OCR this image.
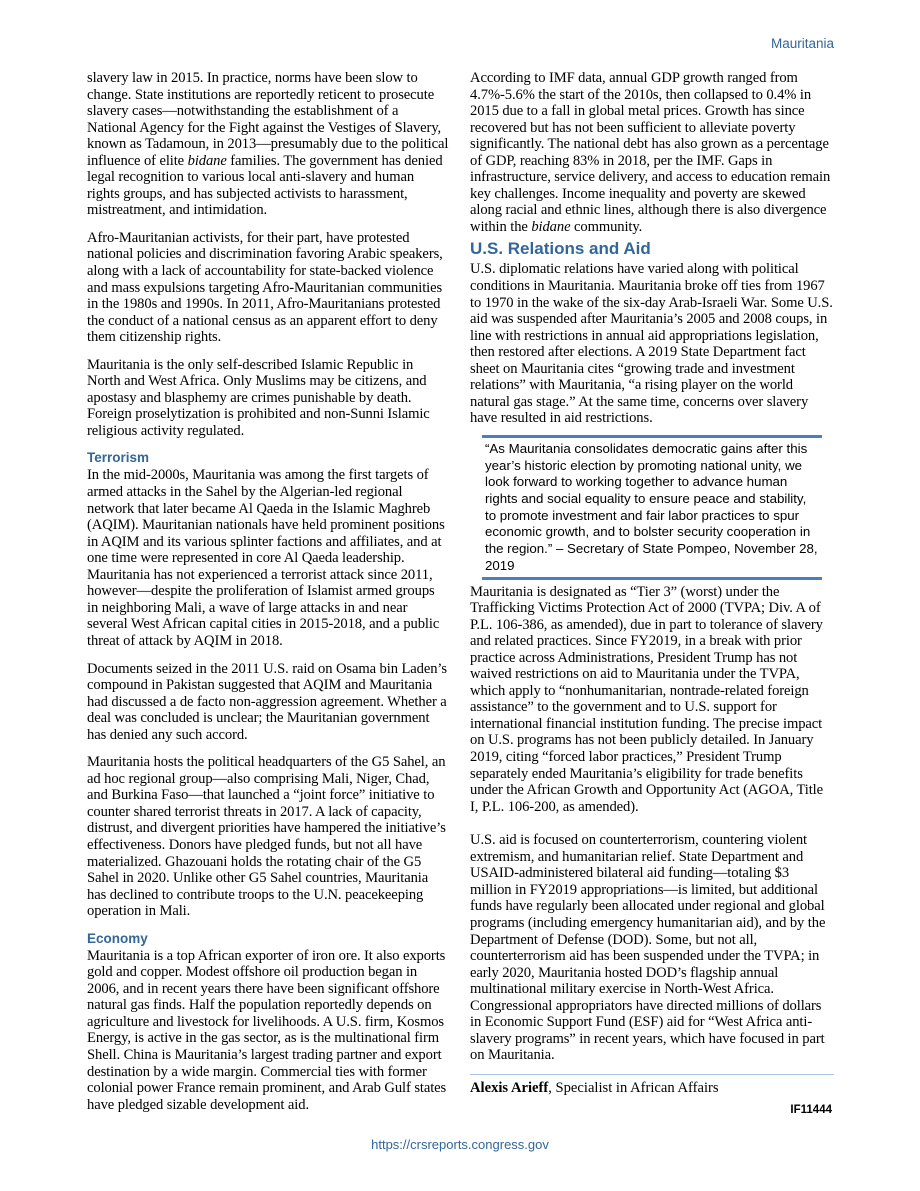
Mauritania

slavery law in 2015. In practice, norms have been slow to change. State institutions are reportedly reticent to prosecute slavery cases—notwithstanding the establishment of a National Agency for the Fight against the Vestiges of Slavery, known as Tadamoun, in 2013—presumably due to the political influence of elite bidane families. The government has denied legal recognition to various local anti-slavery and human rights groups, and has subjected activists to harassment, mistreatment, and intimidation.

Afro-Mauritanian activists, for their part, have protested national policies and discrimination favoring Arabic speakers, along with a lack of accountability for state-backed violence and mass expulsions targeting Afro-Mauritanian communities in the 1980s and 1990s. In 2011, Afro-Mauritanians protested the conduct of a national census as an apparent effort to deny them citizenship rights.

Mauritania is the only self-described Islamic Republic in North and West Africa. Only Muslims may be citizens, and apostasy and blasphemy are crimes punishable by death. Foreign proselytization is prohibited and non-Sunni Islamic religious activity regulated.

Terrorism

In the mid-2000s, Mauritania was among the first targets of armed attacks in the Sahel by the Algerian-led regional network that later became Al Qaeda in the Islamic Maghreb (AQIM). Mauritanian nationals have held prominent positions in AQIM and its various splinter factions and affiliates, and at one time were represented in core Al Qaeda leadership. Mauritania has not experienced a terrorist attack since 2011, however—despite the proliferation of Islamist armed groups in neighboring Mali, a wave of large attacks in and near several West African capital cities in 2015-2018, and a public threat of attack by AQIM in 2018.

Documents seized in the 2011 U.S. raid on Osama bin Laden’s compound in Pakistan suggested that AQIM and Mauritania had discussed a de facto non-aggression agreement. Whether a deal was concluded is unclear; the Mauritanian government has denied any such accord.

Mauritania hosts the political headquarters of the G5 Sahel, an ad hoc regional group—also comprising Mali, Niger, Chad, and Burkina Faso—that launched a “joint force” initiative to counter shared terrorist threats in 2017. A lack of capacity, distrust, and divergent priorities have hampered the initiative’s effectiveness. Donors have pledged funds, but not all have materialized. Ghazouani holds the rotating chair of the G5 Sahel in 2020. Unlike other G5 Sahel countries, Mauritania has declined to contribute troops to the U.N. peacekeeping operation in Mali.

Economy

Mauritania is a top African exporter of iron ore. It also exports gold and copper. Modest offshore oil production began in 2006, and in recent years there have been significant offshore natural gas finds. Half the population reportedly depends on agriculture and livestock for livelihoods. A U.S. firm, Kosmos Energy, is active in the gas sector, as is the multinational firm Shell. China is Mauritania’s largest trading partner and export destination by a wide margin. Commercial ties with former colonial power France remain prominent, and Arab Gulf states have pledged sizable development aid.

According to IMF data, annual GDP growth ranged from 4.7%-5.6% the start of the 2010s, then collapsed to 0.4% in 2015 due to a fall in global metal prices. Growth has since recovered but has not been sufficient to alleviate poverty significantly. The national debt has also grown as a percentage of GDP, reaching 83% in 2018, per the IMF. Gaps in infrastructure, service delivery, and access to education remain key challenges. Income inequality and poverty are skewed along racial and ethnic lines, although there is also divergence within the bidane community.

U.S. Relations and Aid

U.S. diplomatic relations have varied along with political conditions in Mauritania. Mauritania broke off ties from 1967 to 1970 in the wake of the six-day Arab-Israeli War. Some U.S. aid was suspended after Mauritania’s 2005 and 2008 coups, in line with restrictions in annual aid appropriations legislation, then restored after elections. A 2019 State Department fact sheet on Mauritania cites “growing trade and investment relations” with Mauritania, “a rising player on the world natural gas stage.” At the same time, concerns over slavery have resulted in aid restrictions.

“As Mauritania consolidates democratic gains after this year’s historic election by promoting national unity, we look forward to working together to advance human rights and social equality to ensure peace and stability, to promote investment and fair labor practices to spur economic growth, and to bolster security cooperation in the region.” – Secretary of State Pompeo, November 28, 2019

Mauritania is designated as “Tier 3” (worst) under the Trafficking Victims Protection Act of 2000 (TVPA; Div. A of P.L. 106-386, as amended), due in part to tolerance of slavery and related practices. Since FY2019, in a break with prior practice across Administrations, President Trump has not waived restrictions on aid to Mauritania under the TVPA, which apply to “nonhumanitarian, nontrade-related foreign assistance” to the government and to U.S. support for international financial institution funding. The precise impact on U.S. programs has not been publicly detailed. In January 2019, citing “forced labor practices,” President Trump separately ended Mauritania’s eligibility for trade benefits under the African Growth and Opportunity Act (AGOA, Title I, P.L. 106-200, as amended).

U.S. aid is focused on counterterrorism, countering violent extremism, and humanitarian relief. State Department and USAID-administered bilateral aid funding—totaling $3 million in FY2019 appropriations—is limited, but additional funds have regularly been allocated under regional and global programs (including emergency humanitarian aid), and by the Department of Defense (DOD). Some, but not all, counterterrorism aid has been suspended under the TVPA; in early 2020, Mauritania hosted DOD’s flagship annual multinational military exercise in North-West Africa. Congressional appropriators have directed millions of dollars in Economic Support Fund (ESF) aid for “West Africa anti-slavery programs” in recent years, which have focused in part on Mauritania.

Alexis Arieff, Specialist in African Affairs
IF11444
https://crsreports.congress.gov
